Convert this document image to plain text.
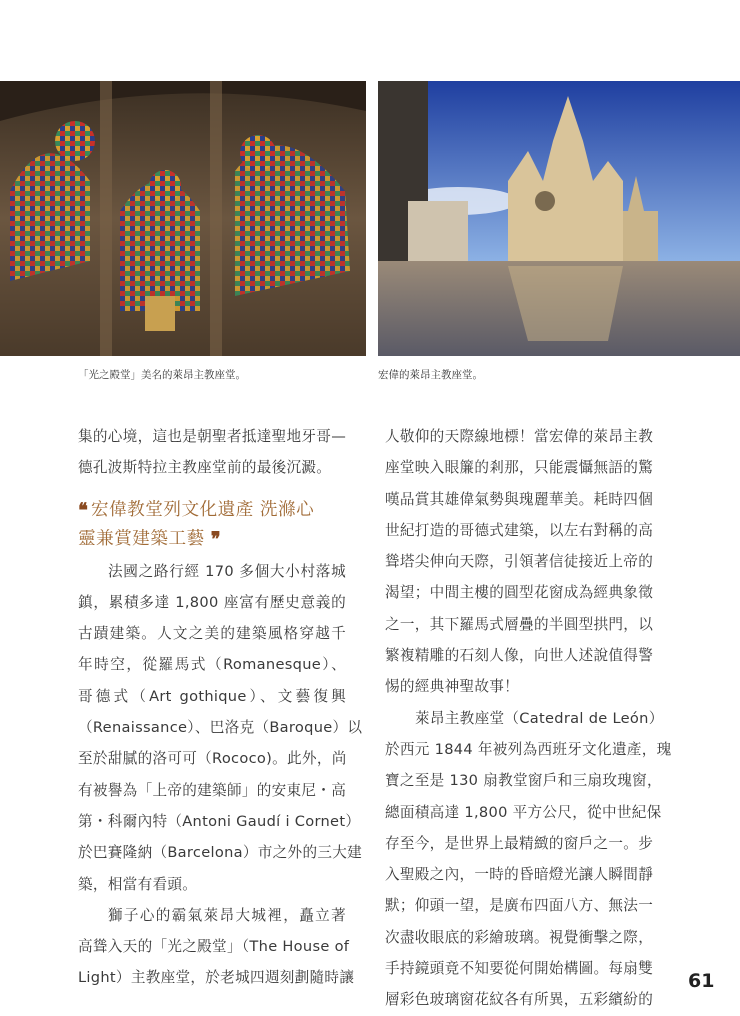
「光之殿堂」美名的萊昂主教座堂。	宏偉的萊昂主教座堂。
集的心境，這也是朝聖者抵達聖地牙哥—
德孔波斯特拉主教座堂前的最後沉澱。
❛❛ 宏偉教堂列文化遺產 洗滌心
靈兼賞建築工藝 ❜❜
法國之路行經 170 多個大小村落城
鎮，累積多達 1,800 座富有歷史意義的
古蹟建築。人文之美的建築風格穿越千
年時空，從羅馬式（Romanesque）、
哥德式（Art gothique）、文藝復興
（Renaissance）、巴洛克（Baroque）以
至於甜膩的洛可可（Rococo)。此外，尚
有被譽為「上帝的建築師」的安東尼・高
第・科爾內特（Antoni Gaudí i Cornet）
於巴賽隆納（Barcelona）市之外的三大建
築，相當有看頭。
獅子心的霸氣萊昂大城裡，矗立著
高聳入天的「光之殿堂」（The House of
Light）主教座堂，於老城四週刻劃隨時讓
人敬仰的天際線地標！當宏偉的萊昂主教
座堂映入眼簾的剎那，只能震懾無語的驚
嘆品賞其雄偉氣勢與瑰麗華美。耗時四個
世紀打造的哥德式建築，以左右對稱的高
聳塔尖伸向天際，引領著信徒接近上帝的
渴望；中間主樓的圓型花窗成為經典象徵
之一，其下羅馬式層疊的半圓型拱門，以
繁複精雕的石刻人像，向世人述說值得警
惕的經典神聖故事！
萊昂主教座堂（Catedral de León）
於西元 1844 年被列為西班牙文化遺產，瑰
寶之至是 130 扇教堂窗戶和三扇玫瑰窗，
總面積高達 1,800 平方公尺，從中世紀保
存至今，是世界上最精緻的窗戶之一。步
入聖殿之內，一時的昏暗燈光讓人瞬間靜
默；仰頭一望，是廣布四面八方、無法一
次盡收眼底的彩繪玻璃。視覺衝擊之際，
手持鏡頭竟不知要從何開始構圖。每扇雙
層彩色玻璃窗花紋各有所異，五彩繽紛的
61
